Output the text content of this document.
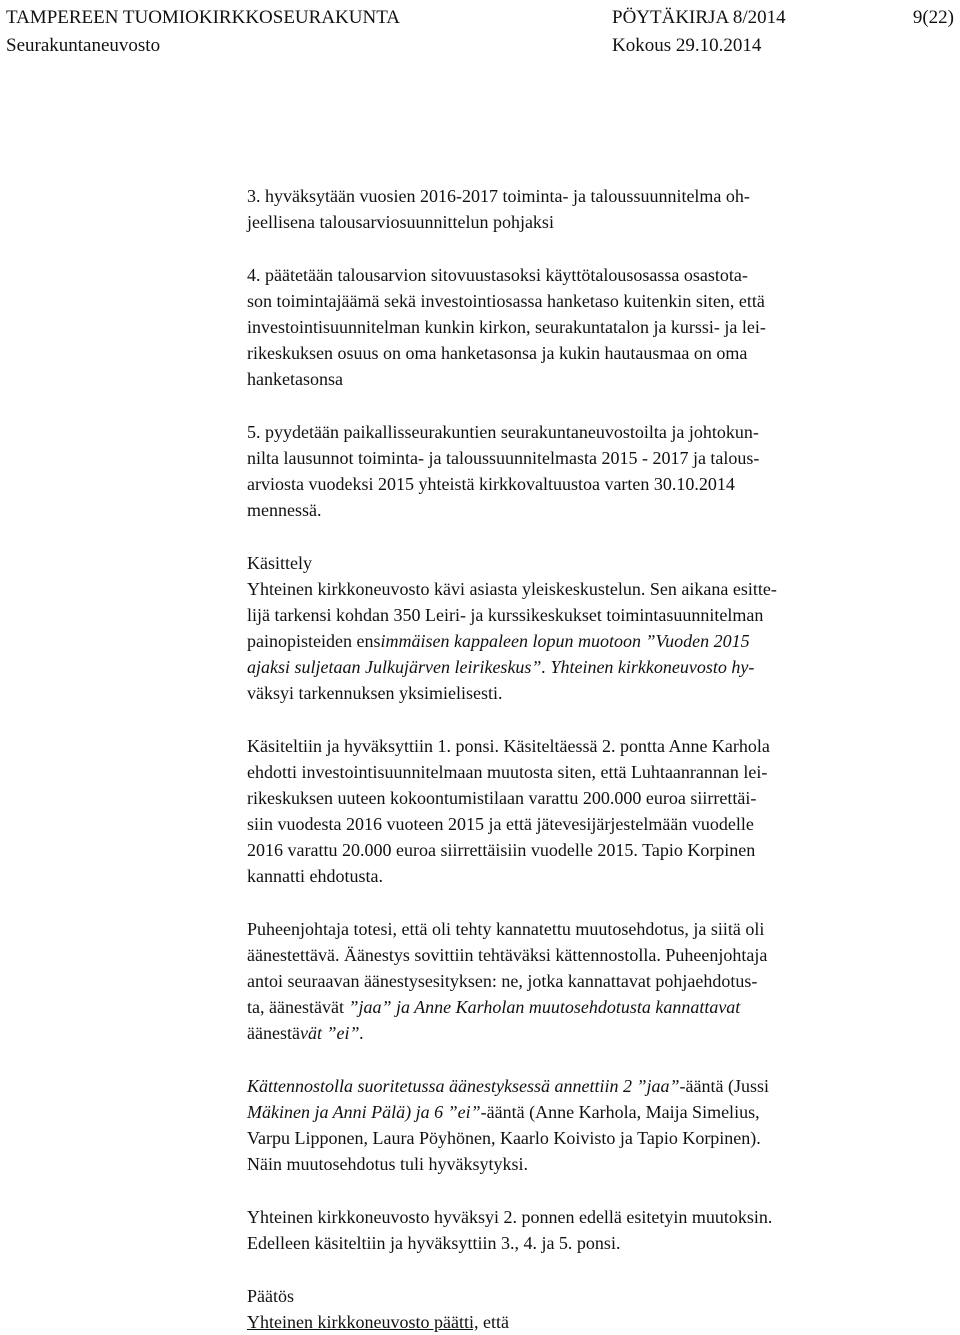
TAMPEREEN TUOMIOKIRKKOSEURAKUNTA
Seurakuntaneuvosto
PÖYTÄKIRJA 8/2014
Kokous 29.10.2014
9(22)

3. hyväksytään vuosien 2016-2017 toiminta- ja taloussuunnitelma oh-
jeellisena talousarviosuunnittelun pohjaksi

4. päätetään talousarvion sitovuustasoksi käyttötalousosassa osastota-
son toimintajäämä sekä investointiosassa hanketaso kuitenkin siten, että
investointisuunnitelman kunkin kirkon, seurakuntatalon ja kurssi- ja lei-
rikeskuksen osuus on oma hanketasonsa ja kukin hautausmaa on oma
hanketasonsa

5. pyydetään paikallisseurakuntien seurakuntaneuvostoilta ja johtokun-
nilta lausunnot toiminta- ja taloussuunnitelmasta 2015 - 2017 ja talous-
arviosta vuodeksi 2015 yhteistä kirkkovaltuustoa varten 30.10.2014
mennessä.

Käsittely
Yhteinen kirkkoneuvosto kävi asiasta yleiskeskustelun. Sen aikana esitte-
lijä tarkensi kohdan 350 Leiri- ja kurssikeskukset toimintasuunnitelman
painopisteiden ensimmäisen kappaleen lopun muotoon ”Vuoden 2015
ajaksi suljetaan Julkujärven leirikeskus”. Yhteinen kirkkoneuvosto hy-
väksyi tarkennuksen yksimielisesti.

Käsiteltiin ja hyväksyttiin 1. ponsi. Käsiteltäessä 2. pontta Anne Karhola
ehdotti investointisuunnitelmaan muutosta siten, että Luhtaanrannan lei-
rikeskuksen uuteen kokoontumistilaan varattu 200.000 euroa siirrettäi-
siin vuodesta 2016 vuoteen 2015 ja että jätevesijärjestelmään vuodelle
2016 varattu 20.000 euroa siirrettäisiin vuodelle 2015. Tapio Korpinen
kannatti ehdotusta.

Puheenjohtaja totesi, että oli tehty kannatettu muutosehdotus, ja siitä oli
äänestettävä. Äänestys sovittiin tehtäväksi kättennostolla. Puheenjohtaja
antoi seuraavan äänestysesityksen: ne, jotka kannattavat pohjaehdotus-
ta, äänestävät ”jaa” ja Anne Karholan muutosehdotusta kannattavat
äänestävät ”ei”.

Kättennostolla suoritetussa äänestyksessä annettiin 2 ”jaa”-ääntä (Jussi
Mäkinen ja Anni Pälä) ja 6 ”ei”-ääntä (Anne Karhola, Maija Simelius,
Varpu Lipponen, Laura Pöyhönen, Kaarlo Koivisto ja Tapio Korpinen).
Näin muutosehdotus tuli hyväksytyksi.

Yhteinen kirkkoneuvosto hyväksyi 2. ponnen edellä esitetyin muutoksin.
Edelleen käsiteltiin ja hyväksyttiin 3., 4. ja 5. ponsi.

Päätös
Yhteinen kirkkoneuvosto päätti, että
